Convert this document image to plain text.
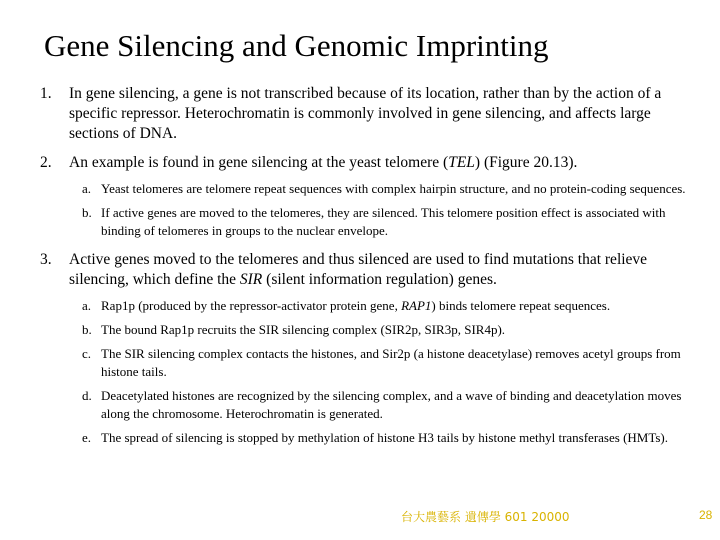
Gene Silencing and Genomic Imprinting
1. In gene silencing, a gene is not transcribed because of its location, rather than by the action of a specific repressor. Heterochromatin is commonly involved in gene silencing, and affects large sections of DNA.
2. An example is found in gene silencing at the yeast telomere (TEL) (Figure 20.13).
a. Yeast telomeres are telomere repeat sequences with complex hairpin structure, and no protein-coding sequences.
b. If active genes are moved to the telomeres, they are silenced. This telomere position effect is associated with binding of telomeres in groups to the nuclear envelope.
3. Active genes moved to the telomeres and thus silenced are used to find mutations that relieve silencing, which define the SIR (silent information regulation) genes.
a. Rap1p (produced by the repressor-activator protein gene, RAP1) binds telomere repeat sequences.
b. The bound Rap1p recruits the SIR silencing complex (SIR2p, SIR3p, SIR4p).
c. The SIR silencing complex contacts the histones, and Sir2p (a histone deacetylase) removes acetyl groups from histone tails.
d. Deacetylated histones are recognized by the silencing complex, and a wave of binding and deacetylation moves along the chromosome. Heterochromatin is generated.
e. The spread of silencing is stopped by methylation of histone H3 tails by histone methyl transferases (HMTs).
台大農藝系 遺傳學 601 20000	28
